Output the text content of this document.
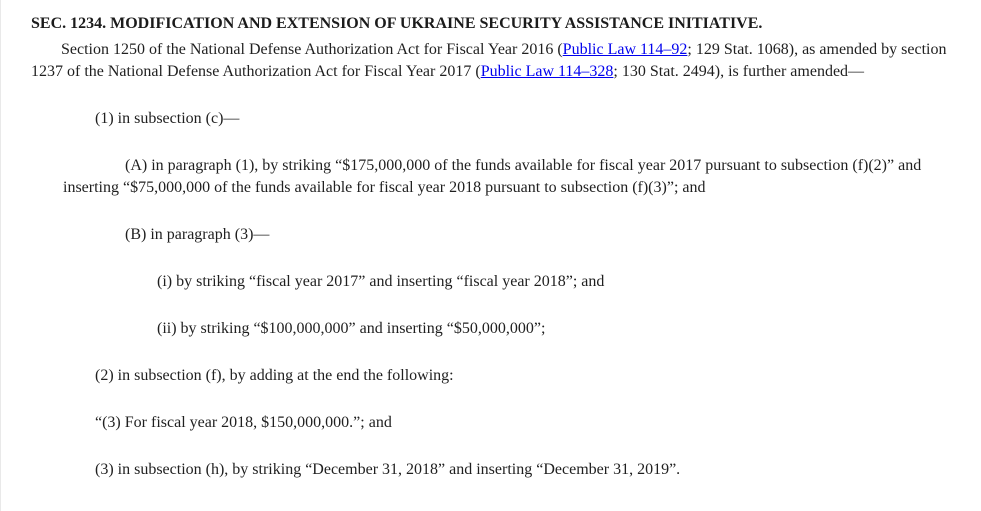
SEC. 1234. MODIFICATION AND EXTENSION OF UKRAINE SECURITY ASSISTANCE INITIATIVE.

Section 1250 of the National Defense Authorization Act for Fiscal Year 2016 (Public Law 114–92; 129 Stat. 1068), as amended by section 1237 of the National Defense Authorization Act for Fiscal Year 2017 (Public Law 114–328; 130 Stat. 2494), is further amended—

(1) in subsection (c)—

(A) in paragraph (1), by striking “$175,000,000 of the funds available for fiscal year 2017 pursuant to subsection (f)(2)” and inserting “$75,000,000 of the funds available for fiscal year 2018 pursuant to subsection (f)(3)”; and

(B) in paragraph (3)—

(i) by striking “fiscal year 2017” and inserting “fiscal year 2018”; and

(ii) by striking “$100,000,000” and inserting “$50,000,000”;

(2) in subsection (f), by adding at the end the following:

“(3) For fiscal year 2018, $150,000,000.”; and

(3) in subsection (h), by striking “December 31, 2018” and inserting “December 31, 2019”.
